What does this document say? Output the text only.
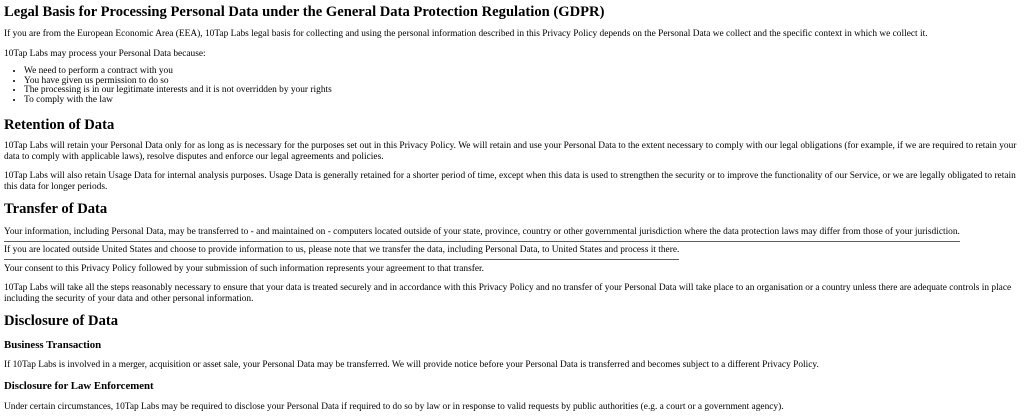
Legal Basis for Processing Personal Data under the General Data Protection Regulation (GDPR)

If you are from the European Economic Area (EEA), 10Tap Labs legal basis for collecting and using the personal information described in this Privacy Policy depends on the Personal Data we collect and the specific context in which we collect it.

10Tap Labs may process your Personal Data because:

• We need to perform a contract with you
• You have given us permission to do so
• The processing is in our legitimate interests and it is not overridden by your rights
• To comply with the law
Retention of Data

10Tap Labs will retain your Personal Data only for as long as is necessary for the purposes set out in this Privacy Policy. We will retain and use your Personal Data to the extent necessary to comply with our legal obligations (for example, if we are required to retain your data to comply with applicable laws), resolve disputes and enforce our legal agreements and policies.

10Tap Labs will also retain Usage Data for internal analysis purposes. Usage Data is generally retained for a shorter period of time, except when this data is used to strengthen the security or to improve the functionality of our Service, or we are legally obligated to retain this data for longer periods.

Transfer of Data

Your information, including Personal Data, may be transferred to - and maintained on - computers located outside of your state, province, country or other governmental jurisdiction where the data protection laws may differ from those of your jurisdiction.

If you are located outside United States and choose to provide information to us, please note that we transfer the data, including Personal Data, to United States and process it there.

Your consent to this Privacy Policy followed by your submission of such information represents your agreement to that transfer.

10Tap Labs will take all the steps reasonably necessary to ensure that your data is treated securely and in accordance with this Privacy Policy and no transfer of your Personal Data will take place to an organisation or a country unless there are adequate controls in place including the security of your data and other personal information.

Disclosure of Data
Business Transaction

If 10Tap Labs is involved in a merger, acquisition or asset sale, your Personal Data may be transferred. We will provide notice before your Personal Data is transferred and becomes subject to a different Privacy Policy.

Disclosure for Law Enforcement

Under certain circumstances, 10Tap Labs may be required to disclose your Personal Data if required to do so by law or in response to valid requests by public authorities (e.g. a court or a government agency).
